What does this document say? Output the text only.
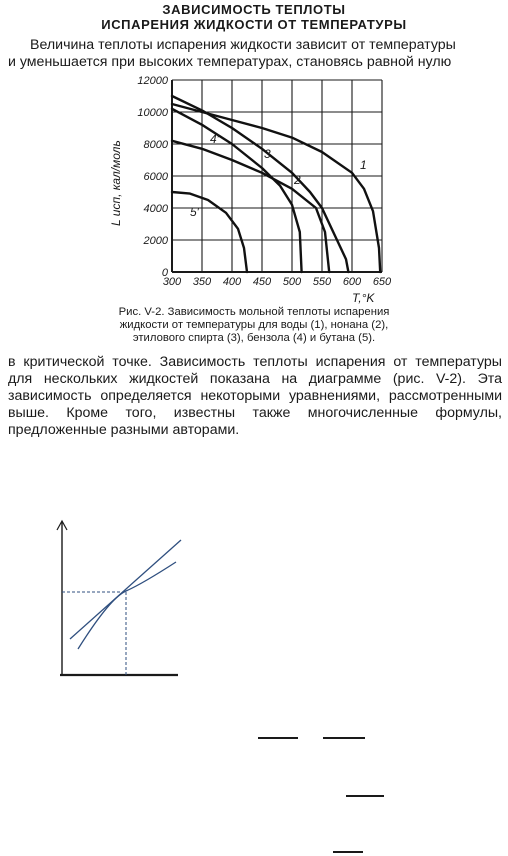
ЗАВИСИМОСТЬ ТЕПЛОТЫ
ИСПАРЕНИЯ ЖИДКОСТИ ОТ ТЕМПЕРАТУРЫ
Величина теплоты испарения жидкости зависит от температуры
и уменьшается при высоких температурах, становясь равной нулю
300 350 400 450 500 550 600 650
0
2000
4000
6000
8000
10000
12000
1
2
3
4′
5′
L исп, кал/моль
T,°K
Рис. V-2. Зависимость мольной теплоты испарения
жидкости от температуры для воды (1), нонана (2),
этилового спирта (3), бензола (4) и бутана (5).
в критической точке. Зависимость теплоты испарения от температуры для нескольких жидкостей показана на диаграмме (рис. V-2). Эта зависимость определяется некоторыми уравнениями, рассмотренными выше. Кроме того, известны также многочисленные формулы, предложенные разными авторами.
